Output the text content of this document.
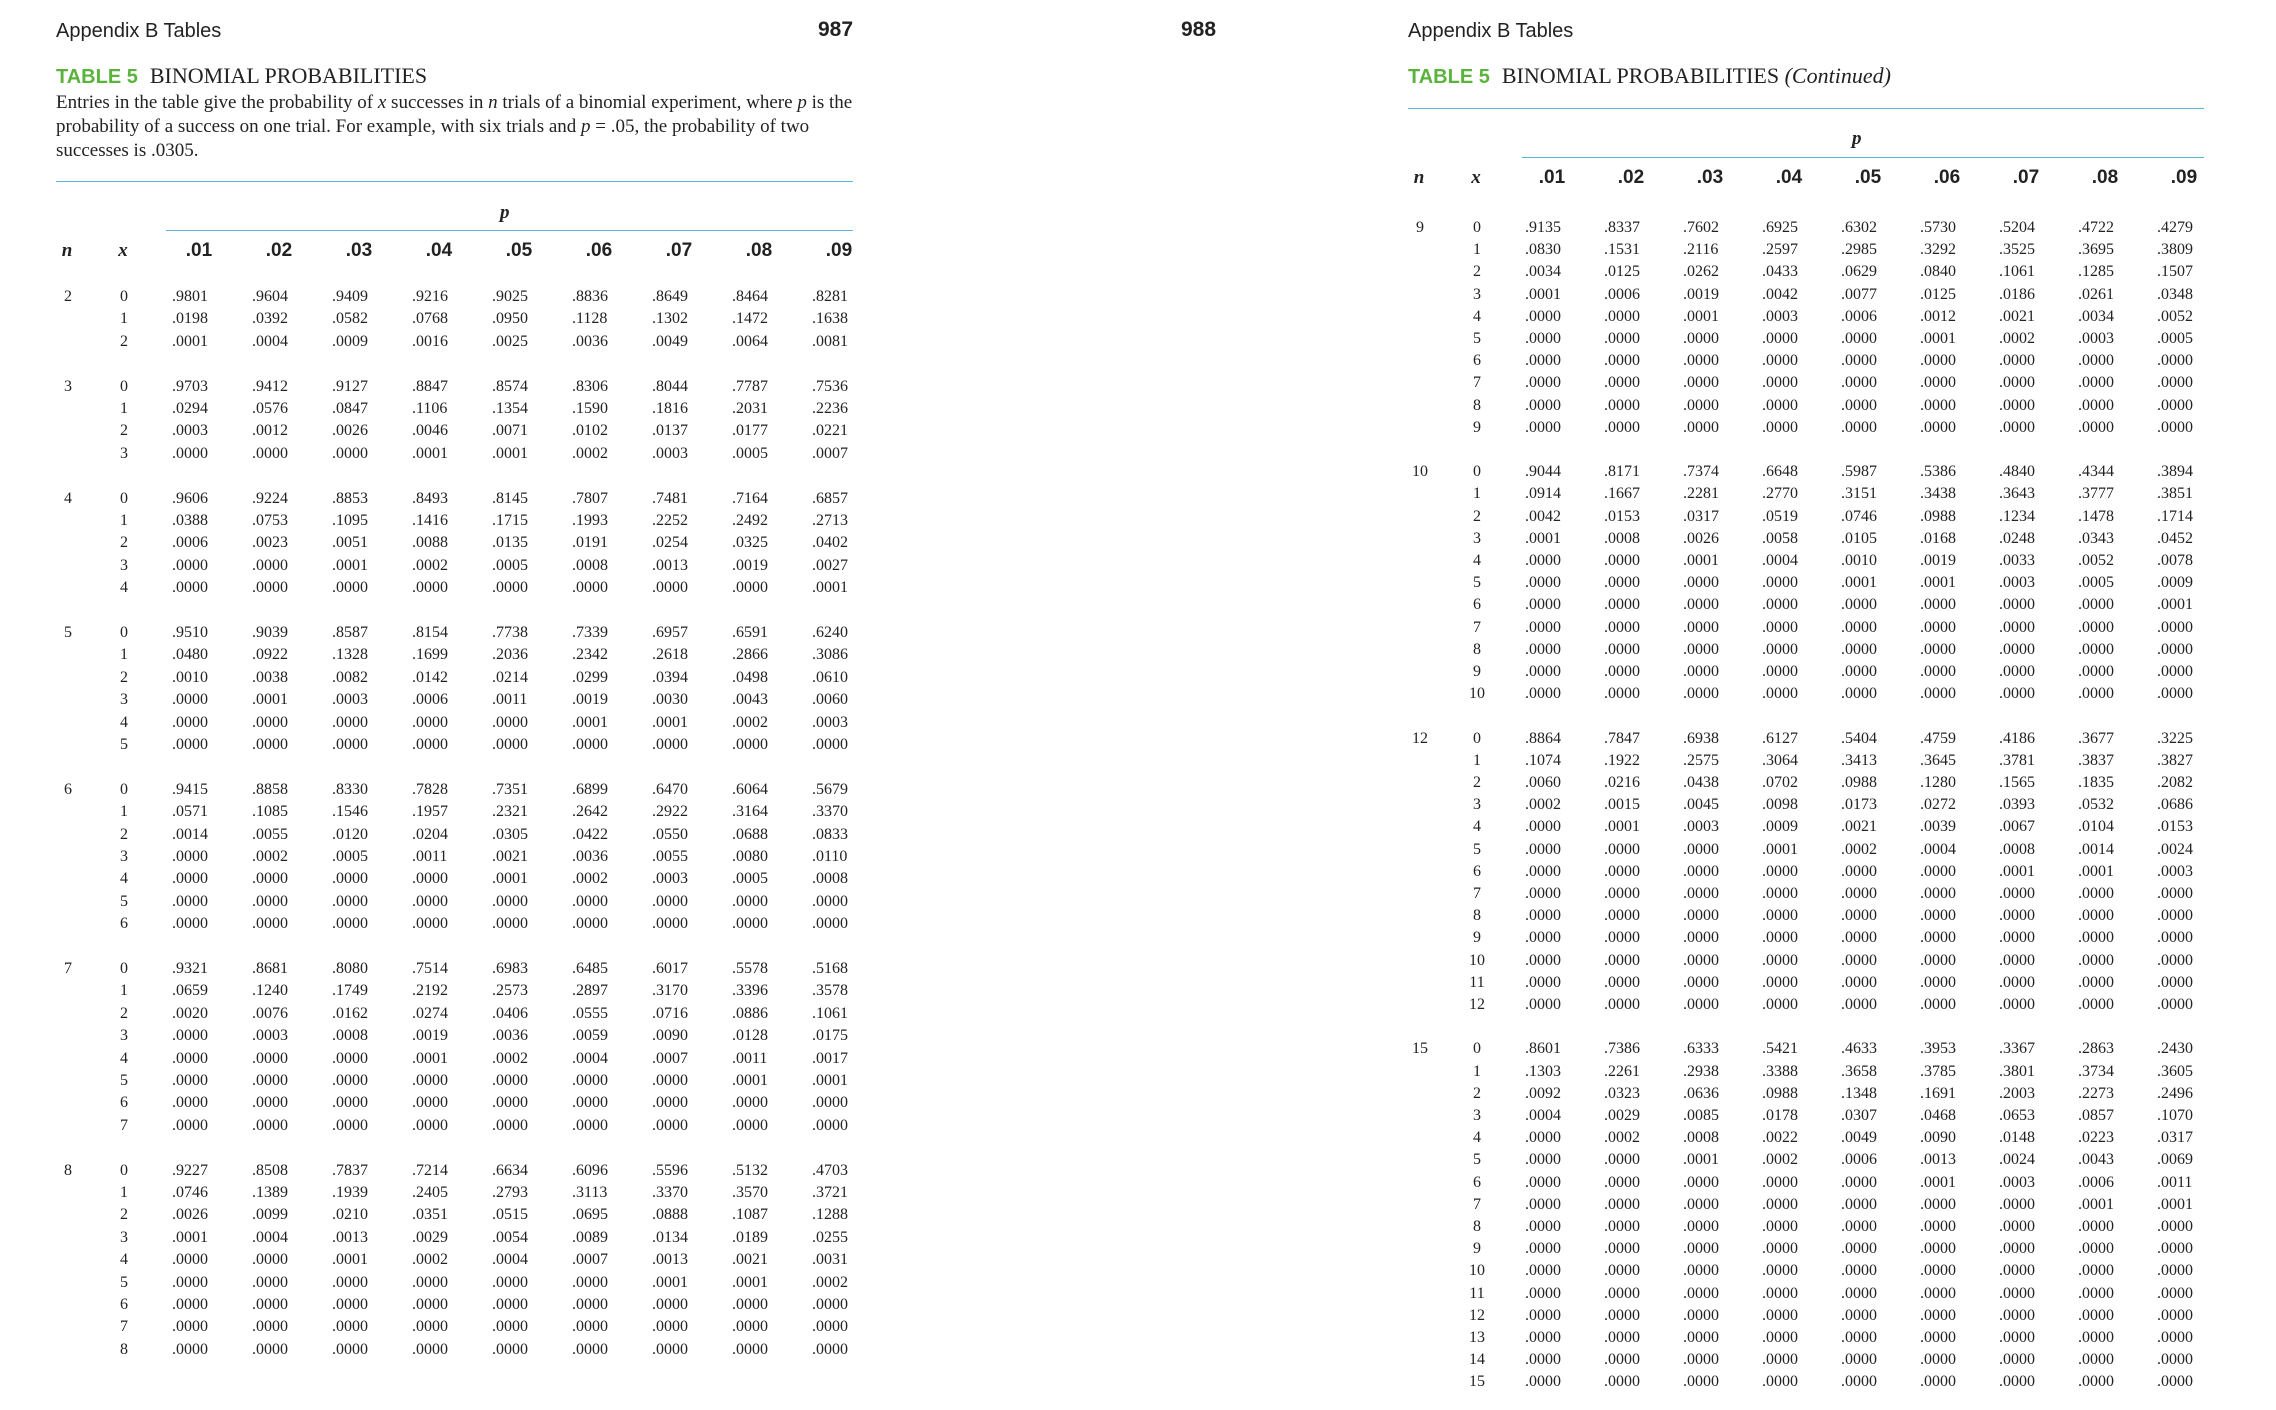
Appendix B Tables	987
TABLE 5 BINOMIAL PROBABILITIES
Entries in the table give the probability of x successes in n trials of a binomial experiment, where p is the probability of a success on one trial. For example, with six trials and p = .05, the probability of two successes is .0305.
p
n	x	.01	.02	.03	.04	.05	.06	.07	.08	.09
2	0	.9801	.9604	.9409	.9216	.9025	.8836	.8649	.8464	.8281
1	.0198	.0392	.0582	.0768	.0950	.1128	.1302	.1472	.1638
2	.0001	.0004	.0009	.0016	.0025	.0036	.0049	.0064	.0081
3	0	.9703	.9412	.9127	.8847	.8574	.8306	.8044	.7787	.7536
1	.0294	.0576	.0847	.1106	.1354	.1590	.1816	.2031	.2236
2	.0003	.0012	.0026	.0046	.0071	.0102	.0137	.0177	.0221
3	.0000	.0000	.0000	.0001	.0001	.0002	.0003	.0005	.0007
4	0	.9606	.9224	.8853	.8493	.8145	.7807	.7481	.7164	.6857
1	.0388	.0753	.1095	.1416	.1715	.1993	.2252	.2492	.2713
2	.0006	.0023	.0051	.0088	.0135	.0191	.0254	.0325	.0402
3	.0000	.0000	.0001	.0002	.0005	.0008	.0013	.0019	.0027
4	.0000	.0000	.0000	.0000	.0000	.0000	.0000	.0000	.0001
5	0	.9510	.9039	.8587	.8154	.7738	.7339	.6957	.6591	.6240
1	.0480	.0922	.1328	.1699	.2036	.2342	.2618	.2866	.3086
2	.0010	.0038	.0082	.0142	.0214	.0299	.0394	.0498	.0610
3	.0000	.0001	.0003	.0006	.0011	.0019	.0030	.0043	.0060
4	.0000	.0000	.0000	.0000	.0000	.0001	.0001	.0002	.0003
5	.0000	.0000	.0000	.0000	.0000	.0000	.0000	.0000	.0000
6	0	.9415	.8858	.8330	.7828	.7351	.6899	.6470	.6064	.5679
1	.0571	.1085	.1546	.1957	.2321	.2642	.2922	.3164	.3370
2	.0014	.0055	.0120	.0204	.0305	.0422	.0550	.0688	.0833
3	.0000	.0002	.0005	.0011	.0021	.0036	.0055	.0080	.0110
4	.0000	.0000	.0000	.0000	.0001	.0002	.0003	.0005	.0008
5	.0000	.0000	.0000	.0000	.0000	.0000	.0000	.0000	.0000
6	.0000	.0000	.0000	.0000	.0000	.0000	.0000	.0000	.0000
7	0	.9321	.8681	.8080	.7514	.6983	.6485	.6017	.5578	.5168
1	.0659	.1240	.1749	.2192	.2573	.2897	.3170	.3396	.3578
2	.0020	.0076	.0162	.0274	.0406	.0555	.0716	.0886	.1061
3	.0000	.0003	.0008	.0019	.0036	.0059	.0090	.0128	.0175
4	.0000	.0000	.0000	.0001	.0002	.0004	.0007	.0011	.0017
5	.0000	.0000	.0000	.0000	.0000	.0000	.0000	.0001	.0001
6	.0000	.0000	.0000	.0000	.0000	.0000	.0000	.0000	.0000
7	.0000	.0000	.0000	.0000	.0000	.0000	.0000	.0000	.0000
8	0	.9227	.8508	.7837	.7214	.6634	.6096	.5596	.5132	.4703
1	.0746	.1389	.1939	.2405	.2793	.3113	.3370	.3570	.3721
2	.0026	.0099	.0210	.0351	.0515	.0695	.0888	.1087	.1288
3	.0001	.0004	.0013	.0029	.0054	.0089	.0134	.0189	.0255
4	.0000	.0000	.0001	.0002	.0004	.0007	.0013	.0021	.0031
5	.0000	.0000	.0000	.0000	.0000	.0000	.0001	.0001	.0002
6	.0000	.0000	.0000	.0000	.0000	.0000	.0000	.0000	.0000
7	.0000	.0000	.0000	.0000	.0000	.0000	.0000	.0000	.0000
8	.0000	.0000	.0000	.0000	.0000	.0000	.0000	.0000	.0000
988	Appendix B Tables
TABLE 5 BINOMIAL PROBABILITIES (Continued)
p
n	x	.01	.02	.03	.04	.05	.06	.07	.08	.09
9	0	.9135	.8337	.7602	.6925	.6302	.5730	.5204	.4722	.4279
1	.0830	.1531	.2116	.2597	.2985	.3292	.3525	.3695	.3809
2	.0034	.0125	.0262	.0433	.0629	.0840	.1061	.1285	.1507
3	.0001	.0006	.0019	.0042	.0077	.0125	.0186	.0261	.0348
4	.0000	.0000	.0001	.0003	.0006	.0012	.0021	.0034	.0052
5	.0000	.0000	.0000	.0000	.0000	.0001	.0002	.0003	.0005
6	.0000	.0000	.0000	.0000	.0000	.0000	.0000	.0000	.0000
7	.0000	.0000	.0000	.0000	.0000	.0000	.0000	.0000	.0000
8	.0000	.0000	.0000	.0000	.0000	.0000	.0000	.0000	.0000
9	.0000	.0000	.0000	.0000	.0000	.0000	.0000	.0000	.0000
10	0	.9044	.8171	.7374	.6648	.5987	.5386	.4840	.4344	.3894
1	.0914	.1667	.2281	.2770	.3151	.3438	.3643	.3777	.3851
2	.0042	.0153	.0317	.0519	.0746	.0988	.1234	.1478	.1714
3	.0001	.0008	.0026	.0058	.0105	.0168	.0248	.0343	.0452
4	.0000	.0000	.0001	.0004	.0010	.0019	.0033	.0052	.0078
5	.0000	.0000	.0000	.0000	.0001	.0001	.0003	.0005	.0009
6	.0000	.0000	.0000	.0000	.0000	.0000	.0000	.0000	.0001
7	.0000	.0000	.0000	.0000	.0000	.0000	.0000	.0000	.0000
8	.0000	.0000	.0000	.0000	.0000	.0000	.0000	.0000	.0000
9	.0000	.0000	.0000	.0000	.0000	.0000	.0000	.0000	.0000
10	.0000	.0000	.0000	.0000	.0000	.0000	.0000	.0000	.0000
12	0	.8864	.7847	.6938	.6127	.5404	.4759	.4186	.3677	.3225
1	.1074	.1922	.2575	.3064	.3413	.3645	.3781	.3837	.3827
2	.0060	.0216	.0438	.0702	.0988	.1280	.1565	.1835	.2082
3	.0002	.0015	.0045	.0098	.0173	.0272	.0393	.0532	.0686
4	.0000	.0001	.0003	.0009	.0021	.0039	.0067	.0104	.0153
5	.0000	.0000	.0000	.0001	.0002	.0004	.0008	.0014	.0024
6	.0000	.0000	.0000	.0000	.0000	.0000	.0001	.0001	.0003
7	.0000	.0000	.0000	.0000	.0000	.0000	.0000	.0000	.0000
8	.0000	.0000	.0000	.0000	.0000	.0000	.0000	.0000	.0000
9	.0000	.0000	.0000	.0000	.0000	.0000	.0000	.0000	.0000
10	.0000	.0000	.0000	.0000	.0000	.0000	.0000	.0000	.0000
11	.0000	.0000	.0000	.0000	.0000	.0000	.0000	.0000	.0000
12	.0000	.0000	.0000	.0000	.0000	.0000	.0000	.0000	.0000
15	0	.8601	.7386	.6333	.5421	.4633	.3953	.3367	.2863	.2430
1	.1303	.2261	.2938	.3388	.3658	.3785	.3801	.3734	.3605
2	.0092	.0323	.0636	.0988	.1348	.1691	.2003	.2273	.2496
3	.0004	.0029	.0085	.0178	.0307	.0468	.0653	.0857	.1070
4	.0000	.0002	.0008	.0022	.0049	.0090	.0148	.0223	.0317
5	.0000	.0000	.0001	.0002	.0006	.0013	.0024	.0043	.0069
6	.0000	.0000	.0000	.0000	.0000	.0001	.0003	.0006	.0011
7	.0000	.0000	.0000	.0000	.0000	.0000	.0000	.0001	.0001
8	.0000	.0000	.0000	.0000	.0000	.0000	.0000	.0000	.0000
9	.0000	.0000	.0000	.0000	.0000	.0000	.0000	.0000	.0000
10	.0000	.0000	.0000	.0000	.0000	.0000	.0000	.0000	.0000
11	.0000	.0000	.0000	.0000	.0000	.0000	.0000	.0000	.0000
12	.0000	.0000	.0000	.0000	.0000	.0000	.0000	.0000	.0000
13	.0000	.0000	.0000	.0000	.0000	.0000	.0000	.0000	.0000
14	.0000	.0000	.0000	.0000	.0000	.0000	.0000	.0000	.0000
15	.0000	.0000	.0000	.0000	.0000	.0000	.0000	.0000	.0000
